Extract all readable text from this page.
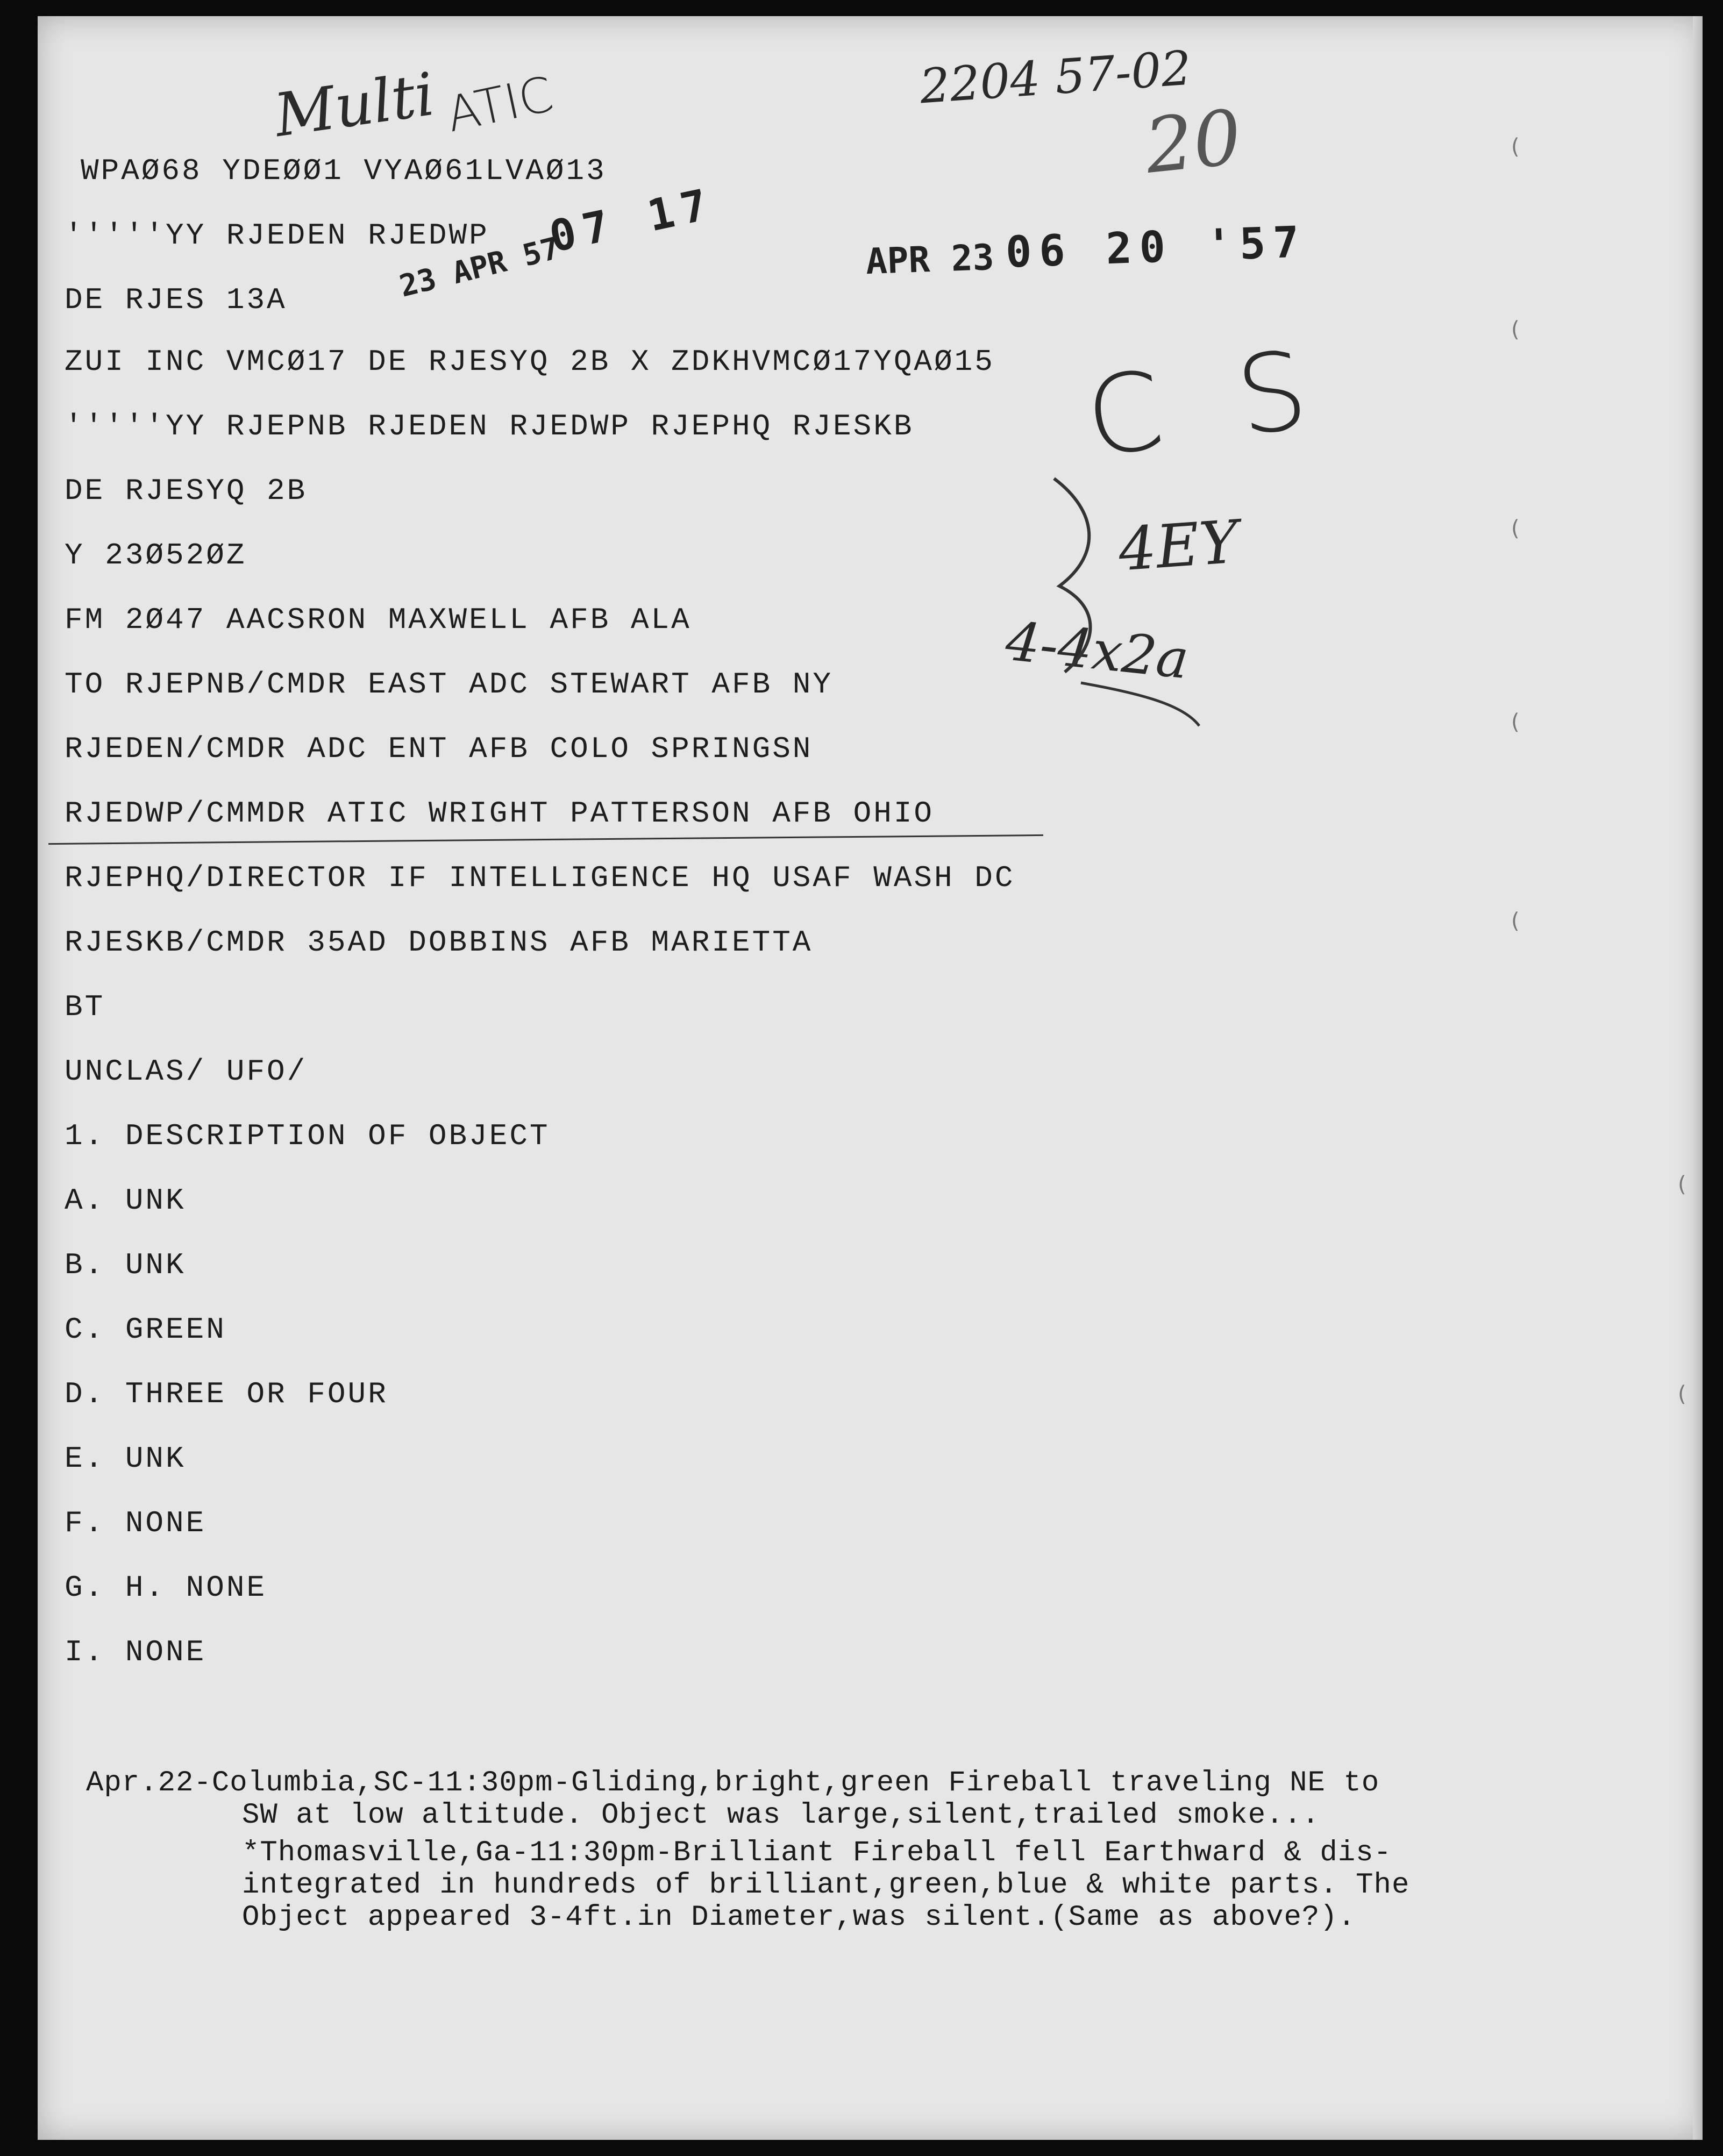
Multi ATIC	2204 57-02
20
23 APR 57
07 17	APR 23 06 20 '57
WPAØ68 YDEØØ1 VYAØ61LVAØ13
'''''YY RJEDEN RJEDWP
DE RJES 13A
ZUI INC VMCØ17 DE RJESYQ 2B X ZDKHVMCØ17YQAØ15
'''''YY RJEPNB RJEDEN RJEDWP RJEPHQ RJESKB
DE RJESYQ 2B
Y 23Ø52ØZ
FM 2Ø47 AACSRON MAXWELL AFB ALA
TO RJEPNB/CMDR EAST ADC STEWART AFB NY
RJEDEN/CMDR ADC ENT AFB COLO SPRINGSN
RJEDWP/CMMDR ATIC WRIGHT PATTERSON AFB OHIO
RJEPHQ/DIRECTOR IF INTELLIGENCE HQ USAF WASH DC
RJESKB/CMDR 35AD DOBBINS AFB MARIETTA
BT
UNCLAS/ UFO/
1. DESCRIPTION OF OBJECT
A. UNK
B. UNK
C. GREEN
D. THREE OR FOUR
E. UNK
F. NONE
G. H. NONE
I. NONE
C S
4EY
4-4x2a
(
(
(
(
(
(
(
Apr.22-Columbia,SC-11:30pm-Gliding,bright,green Fireball traveling NE to
SW at low altitude. Object was large,silent,trailed smoke...
*Thomasville,Ga-11:30pm-Brilliant Fireball fell Earthward & dis-
integrated in hundreds of brilliant,green,blue & white parts. The
Object appeared 3-4ft.in Diameter,was silent.(Same as above?).
